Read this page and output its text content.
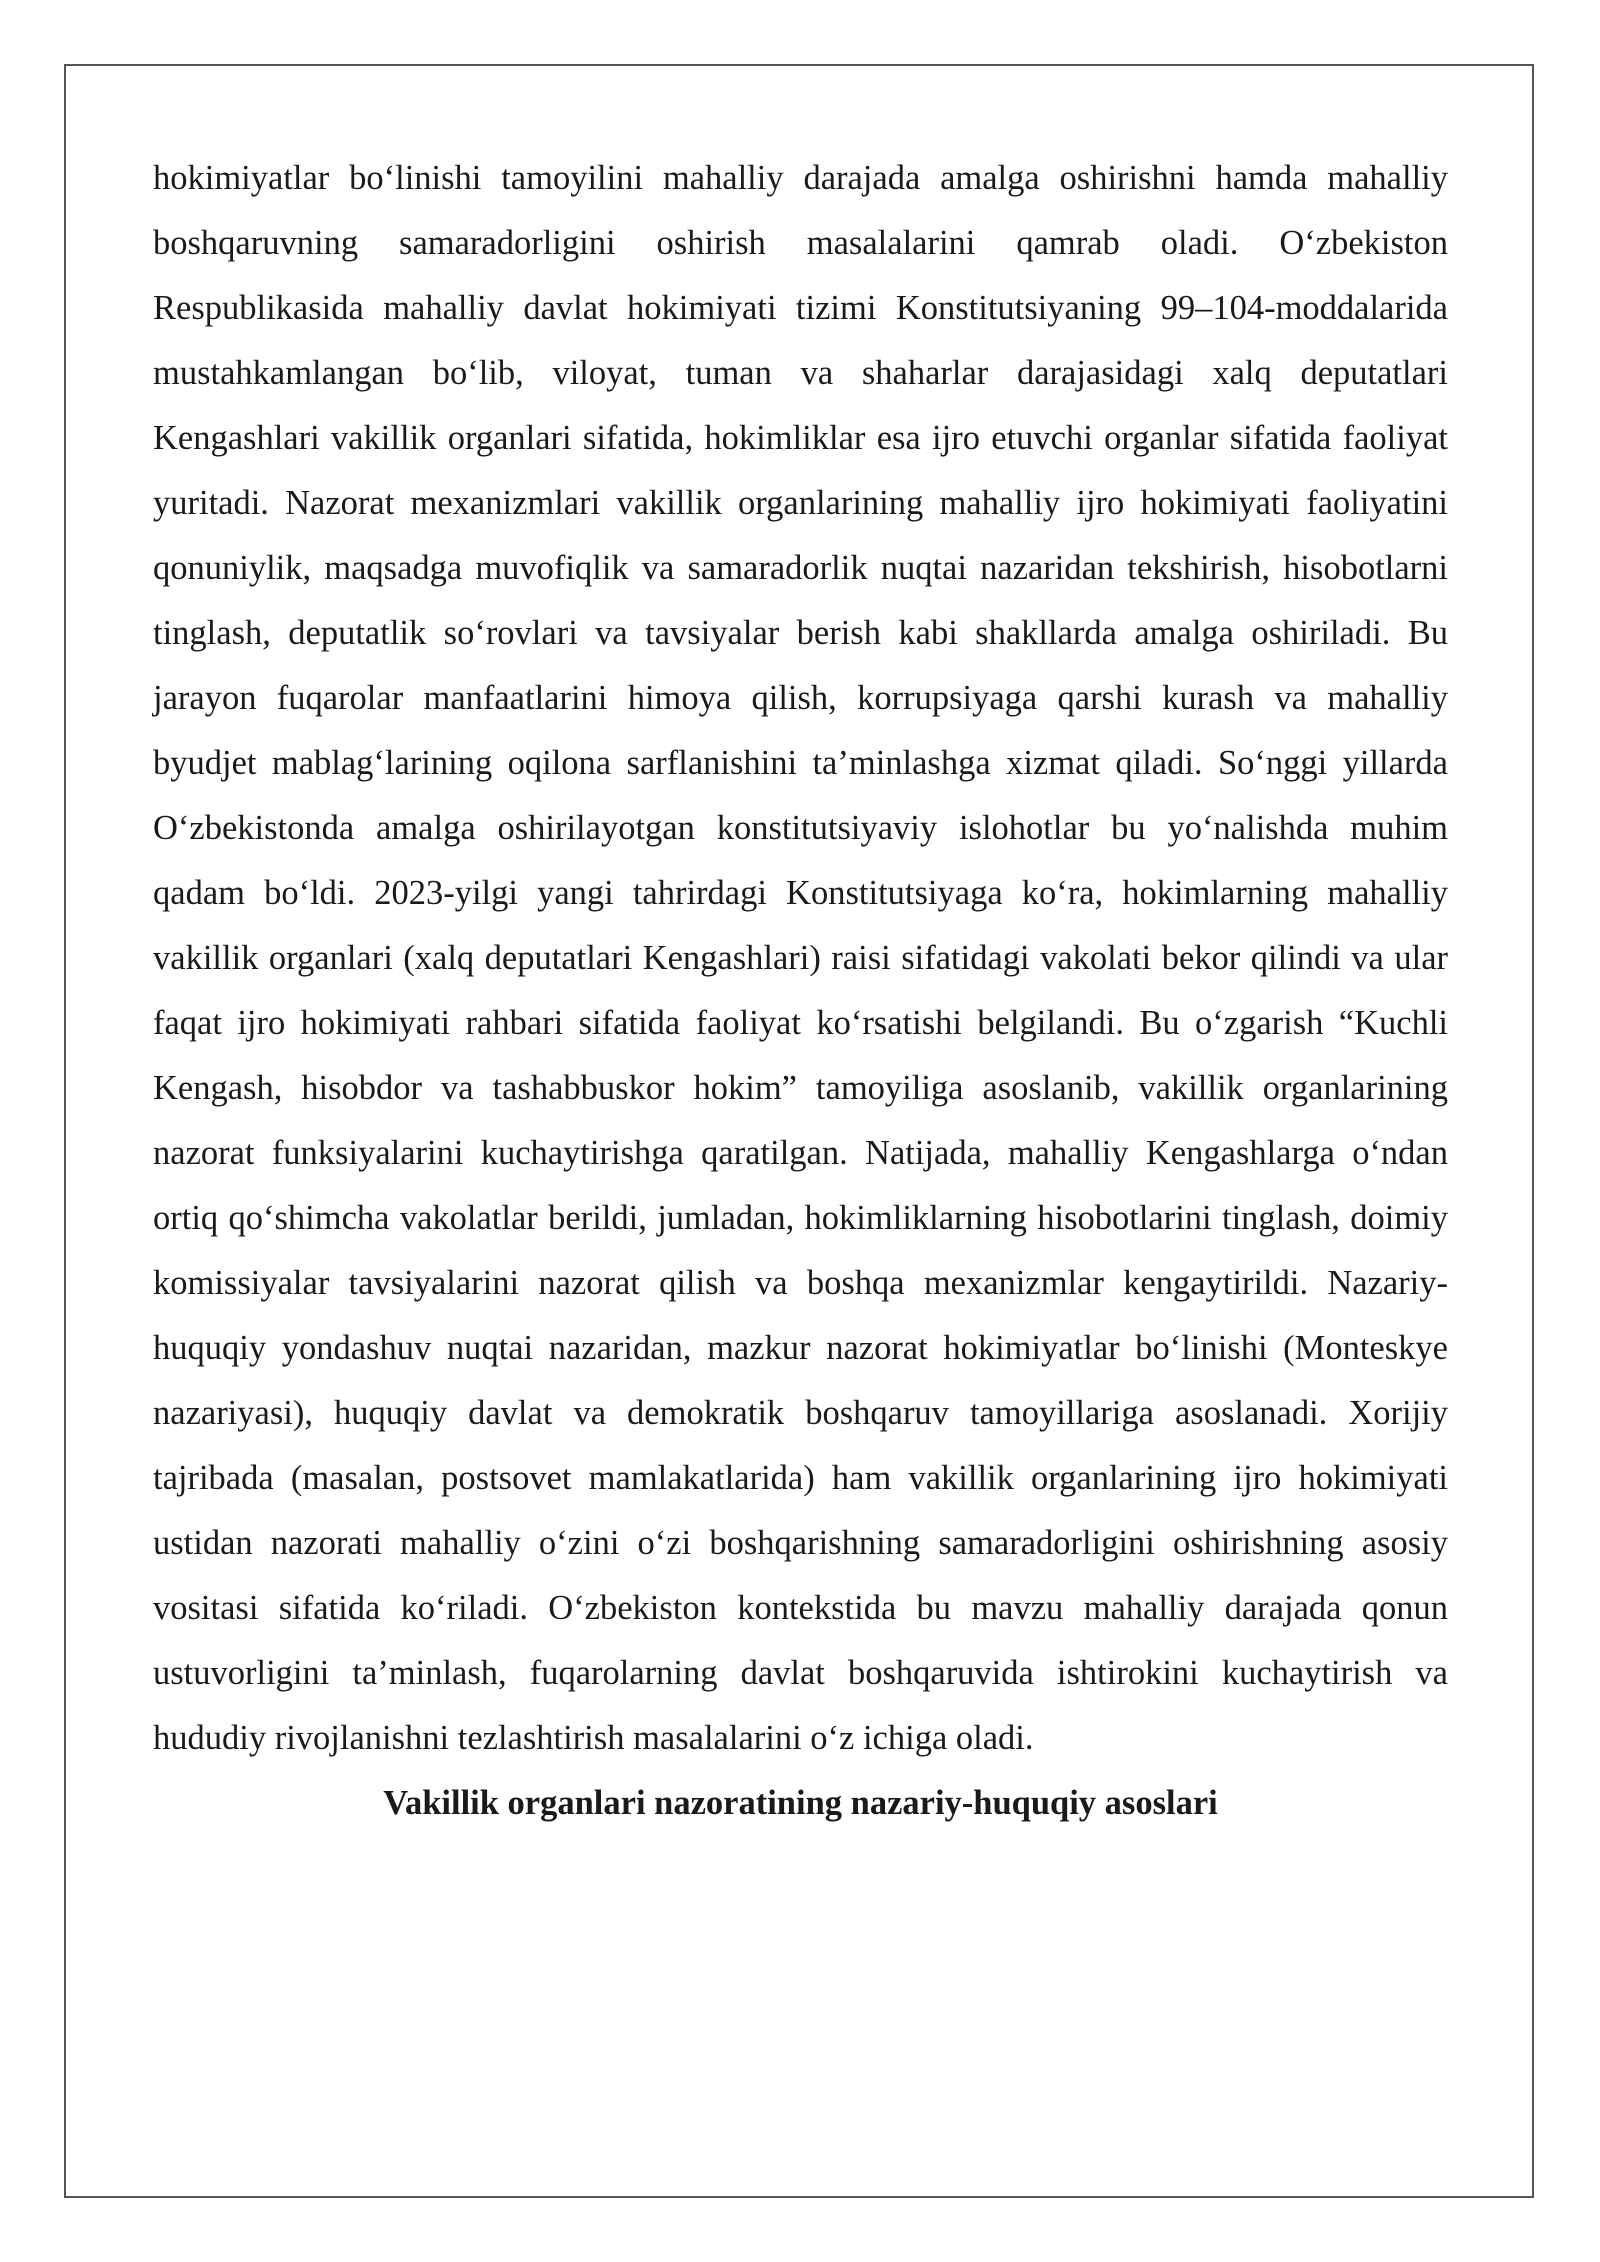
hokimiyatlar bo‘linishi tamoyilini mahalliy darajada amalga oshirishni hamda mahalliy boshqaruvning samaradorligini oshirish masalalarini qamrab oladi. O‘zbekiston Respublikasida mahalliy davlat hokimiyati tizimi Konstitutsiyaning 99–104-moddalarida mustahkamlangan bo‘lib, viloyat, tuman va shaharlar darajasidagi xalq deputatlari Kengashlari vakillik organlari sifatida, hokimliklar esa ijro etuvchi organlar sifatida faoliyat yuritadi. Nazorat mexanizmlari vakillik organlarining mahalliy ijro hokimiyati faoliyatini qonuniylik, maqsadga muvofiqlik va samaradorlik nuqtai nazaridan tekshirish, hisobotlarni tinglash, deputatlik so‘rovlari va tavsiyalar berish kabi shakllarda amalga oshiriladi. Bu jarayon fuqarolar manfaatlarini himoya qilish, korrupsiyaga qarshi kurash va mahalliy byudjet mablag‘larining oqilona sarflanishini ta’minlashga xizmat qiladi. So‘nggi yillarda O‘zbekistonda amalga oshirilayotgan konstitutsiyaviy islohotlar bu yo‘nalishda muhim qadam bo‘ldi. 2023-yilgi yangi tahrirdagi Konstitutsiyaga ko‘ra, hokimlarning mahalliy vakillik organlari (xalq deputatlari Kengashlari) raisi sifatidagi vakolati bekor qilindi va ular faqat ijro hokimiyati rahbari sifatida faoliyat ko‘rsatishi belgilandi. Bu o‘zgarish “Kuchli Kengash, hisobdor va tashabbuskor hokim” tamoyiliga asoslanib, vakillik organlarining nazorat funksiyalarini kuchaytirishga qaratilgan. Natijada, mahalliy Kengashlarga o‘ndan ortiq qo‘shimcha vakolatlar berildi, jumladan, hokimliklarning hisobotlarini tinglash, doimiy komissiyalar tavsiyalarini nazorat qilish va boshqa mexanizmlar kengaytirildi. Nazariy-huquqiy yondashuv nuqtai nazaridan, mazkur nazorat hokimiyatlar bo‘linishi (Monteskye nazariyasi), huquqiy davlat va demokratik boshqaruv tamoyillariga asoslanadi. Xorijiy tajribada (masalan, postsovet mamlakatlarida) ham vakillik organlarining ijro hokimiyati ustidan nazorati mahalliy o‘zini o‘zi boshqarishning samaradorligini oshirishning asosiy vositasi sifatida ko‘riladi. O‘zbekiston kontekstida bu mavzu mahalliy darajada qonun ustuvorligini ta’minlash, fuqarolarning davlat boshqaruvida ishtirokini kuchaytirish va hududiy rivojlanishni tezlashtirish masalalarini o‘z ichiga oladi.

Vakillik organlari nazoratining nazariy-huquqiy asoslari
